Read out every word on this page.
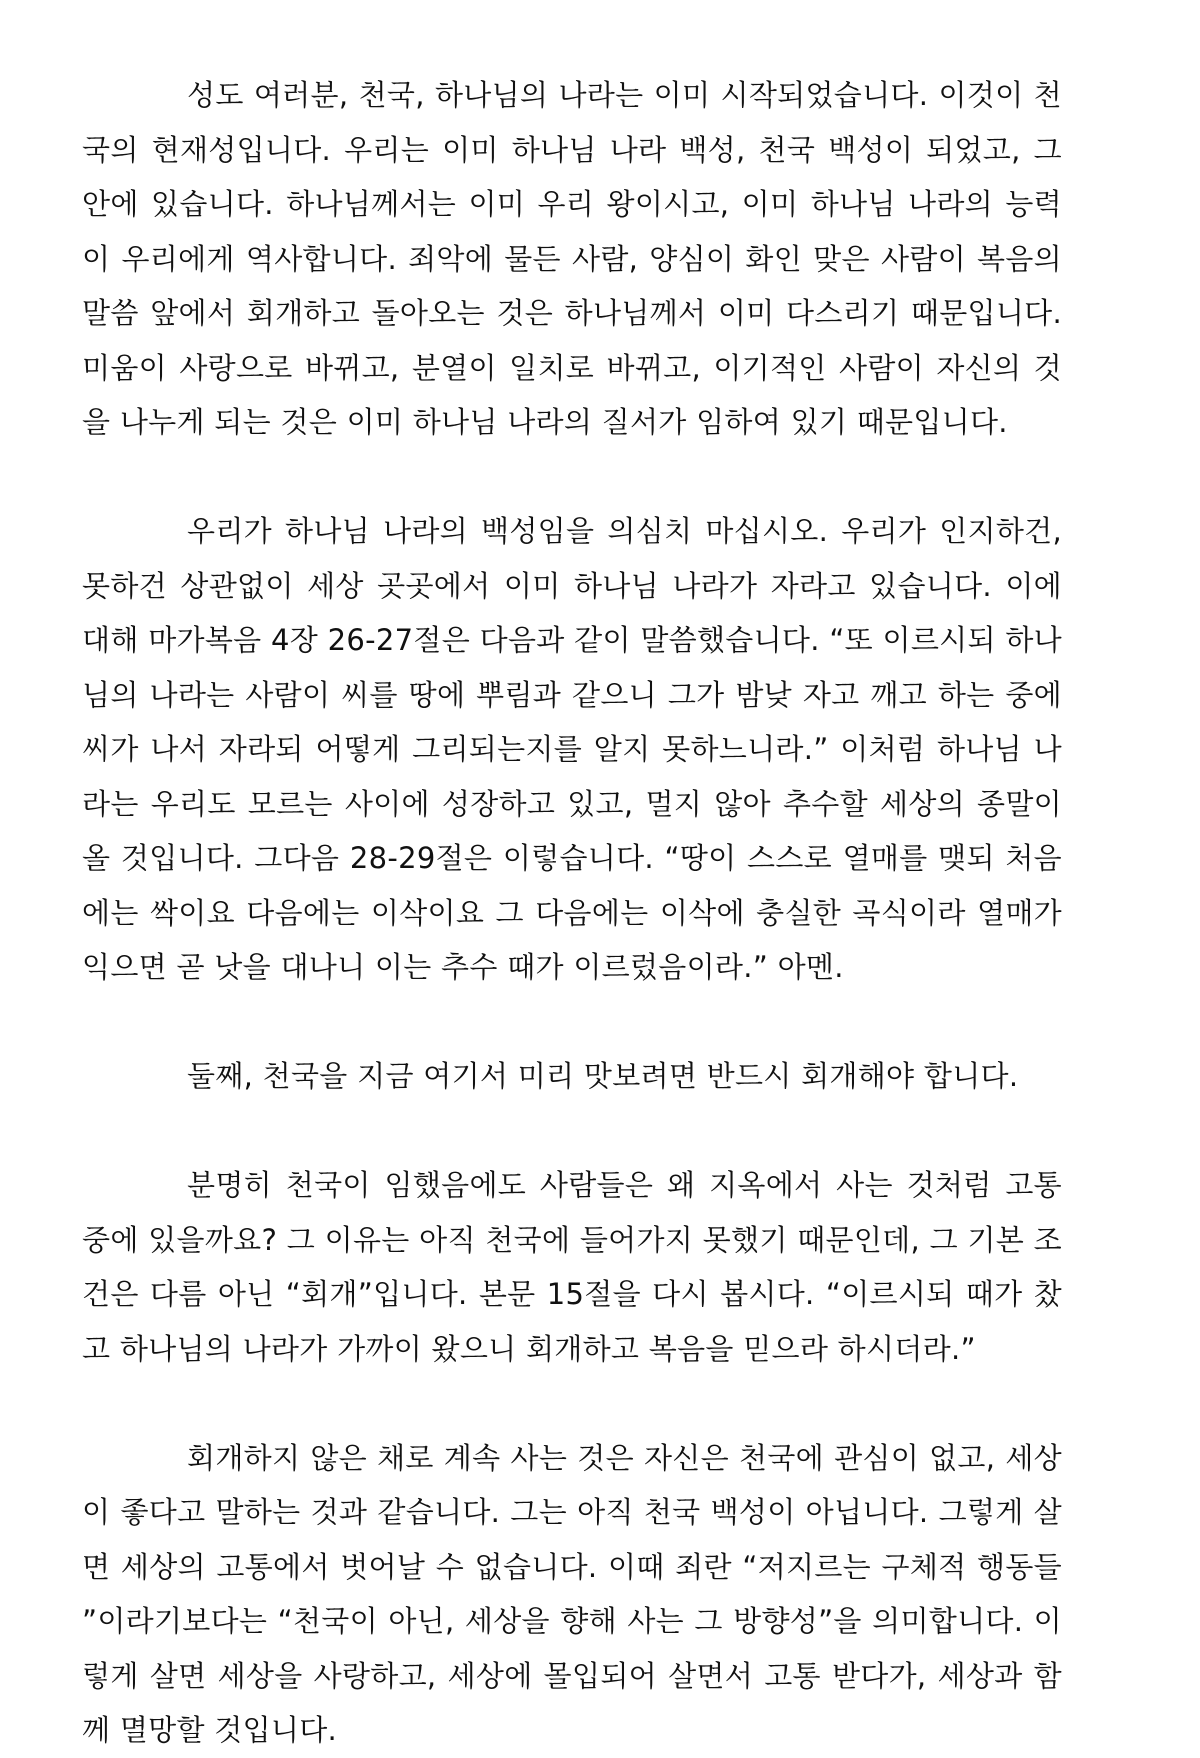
성도 여러분, 천국, 하나님의 나라는 이미 시작되었습니다. 이것이 천국의 현재성입니다. 우리는 이미 하나님 나라 백성, 천국 백성이 되었고, 그 안에 있습니다. 하나님께서는 이미 우리 왕이시고, 이미 하나님 나라의 능력이 우리에게 역사합니다. 죄악에 물든 사람, 양심이 화인 맞은 사람이 복음의 말씀 앞에서 회개하고 돌아오는 것은 하나님께서 이미 다스리기 때문입니다. 미움이 사랑으로 바뀌고, 분열이 일치로 바뀌고, 이기적인 사람이 자신의 것을 나누게 되는 것은 이미 하나님 나라의 질서가 임하여 있기 때문입니다.

우리가 하나님 나라의 백성임을 의심치 마십시오. 우리가 인지하건, 못하건 상관없이 세상 곳곳에서 이미 하나님 나라가 자라고 있습니다. 이에 대해 마가복음 4장 26-27절은 다음과 같이 말씀했습니다. “또 이르시되 하나님의 나라는 사람이 씨를 땅에 뿌림과 같으니 그가 밤낮 자고 깨고 하는 중에 씨가 나서 자라되 어떻게 그리되는지를 알지 못하느니라.” 이처럼 하나님 나라는 우리도 모르는 사이에 성장하고 있고, 멀지 않아 추수할 세상의 종말이 올 것입니다. 그다음 28-29절은 이렇습니다. “땅이 스스로 열매를 맺되 처음에는 싹이요 다음에는 이삭이요 그 다음에는 이삭에 충실한 곡식이라 열매가 익으면 곧 낫을 대나니 이는 추수 때가 이르렀음이라.” 아멘.

둘째, 천국을 지금 여기서 미리 맛보려면 반드시 회개해야 합니다.

분명히 천국이 임했음에도 사람들은 왜 지옥에서 사는 것처럼 고통 중에 있을까요? 그 이유는 아직 천국에 들어가지 못했기 때문인데, 그 기본 조건은 다름 아닌 “회개”입니다. 본문 15절을 다시 봅시다. “이르시되 때가 찼고 하나님의 나라가 가까이 왔으니 회개하고 복음을 믿으라 하시더라.”

회개하지 않은 채로 계속 사는 것은 자신은 천국에 관심이 없고, 세상이 좋다고 말하는 것과 같습니다. 그는 아직 천국 백성이 아닙니다. 그렇게 살면 세상의 고통에서 벗어날 수 없습니다. 이때 죄란 “저지르는 구체적 행동들”이라기보다는 “천국이 아닌, 세상을 향해 사는 그 방향성”을 의미합니다. 이렇게 살면 세상을 사랑하고, 세상에 몰입되어 살면서 고통 받다가, 세상과 함께 멸망할 것입니다.
